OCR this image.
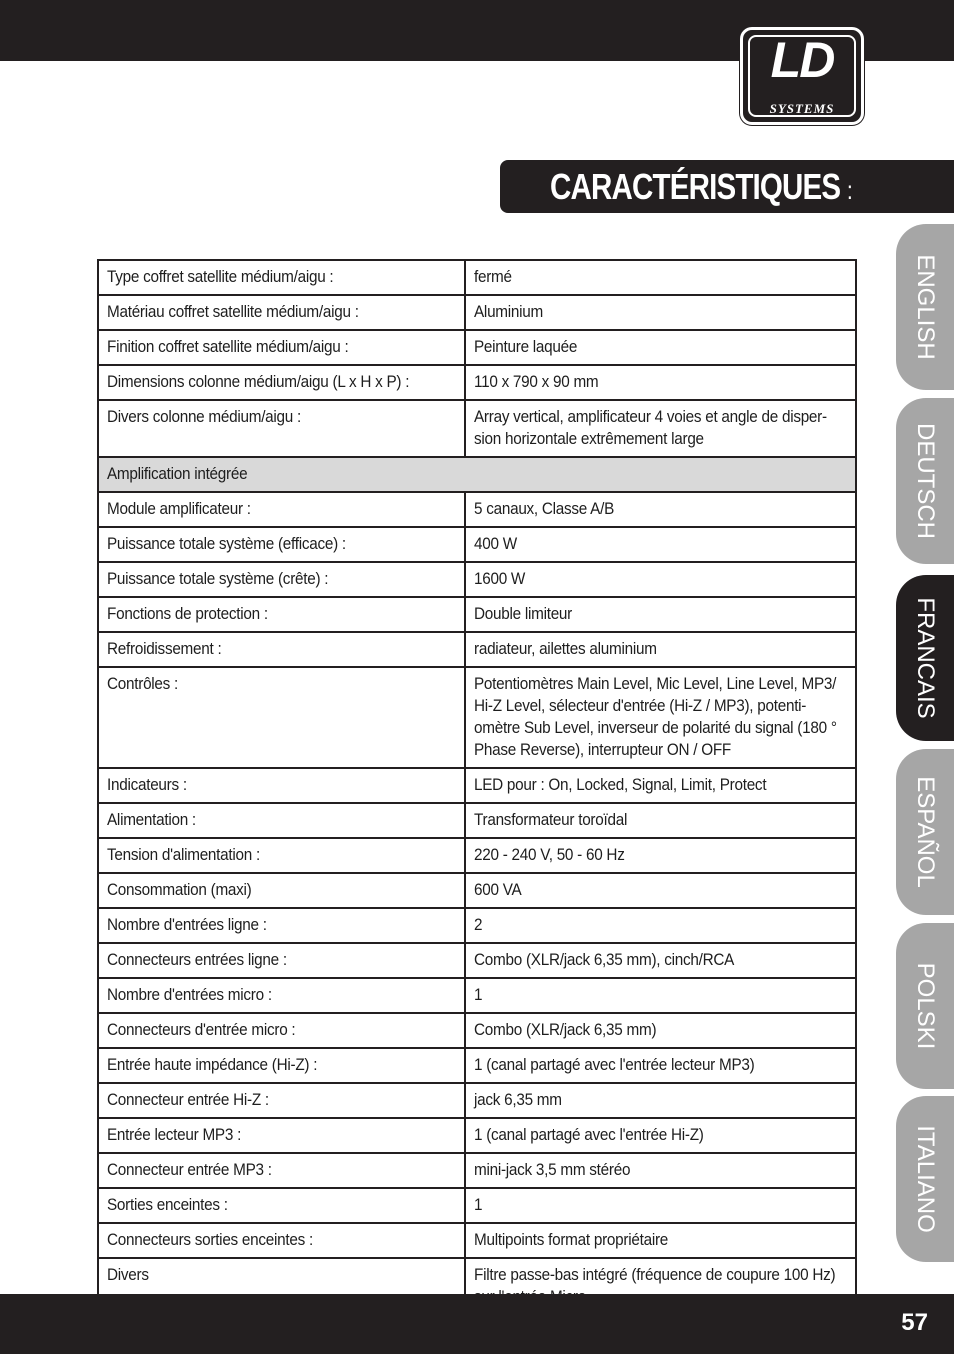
LD
SYSTEMS
CARACTÉRISTIQUES :
Type coffret satellite médium/aigu :	fermé
Matériau coffret satellite médium/aigu :	Aluminium
Finition coffret satellite médium/aigu :	Peinture laquée
Dimensions colonne médium/aigu (L x H x P) :	110 x 790 x 90 mm
Divers colonne médium/aigu :	Array vertical, amplificateur 4 voies et angle de disper-sion horizontale extrêmement large
Amplification intégrée	
Module amplificateur :	5 canaux, Classe A/B
Puissance totale système (efficace) :	400 W
Puissance totale système (crête) :	1600 W
Fonctions de protection :	Double limiteur
Refroidissement :	radiateur, ailettes aluminium
Contrôles :	Potentiomètres Main Level, Mic Level, Line Level, MP3/ Hi-Z Level, sélecteur d'entrée (Hi-Z / MP3), potenti-omètre Sub Level, inverseur de polarité du signal (180 ° Phase Reverse), interrupteur ON / OFF
Indicateurs :	LED pour : On, Locked, Signal, Limit, Protect
Alimentation :	Transformateur toroïdal
Tension d'alimentation :	220 - 240 V, 50 - 60 Hz
Consommation (maxi)	600 VA
Nombre d'entrées ligne :	2
Connecteurs entrées ligne :	Combo (XLR/jack 6,35 mm), cinch/RCA
Nombre d'entrées micro :	1
Connecteurs d'entrée micro :	Combo (XLR/jack 6,35 mm)
Entrée haute impédance (Hi-Z) :	1 (canal partagé avec l'entrée lecteur MP3)
Connecteur entrée Hi-Z :	jack 6,35 mm
Entrée lecteur MP3 :	1 (canal partagé avec l'entrée Hi-Z)
Connecteur entrée MP3 :	mini-jack 3,5 mm stéréo
Sorties enceintes :	1
Connecteurs sorties enceintes :	Multipoints format propriétaire
Divers	Filtre passe-bas intégré (fréquence de coupure 100 Hz)
ENGLISH
DEUTSCH
FRANCAIS
ESPAÑOL
POLSKI
ITALIANO
57
